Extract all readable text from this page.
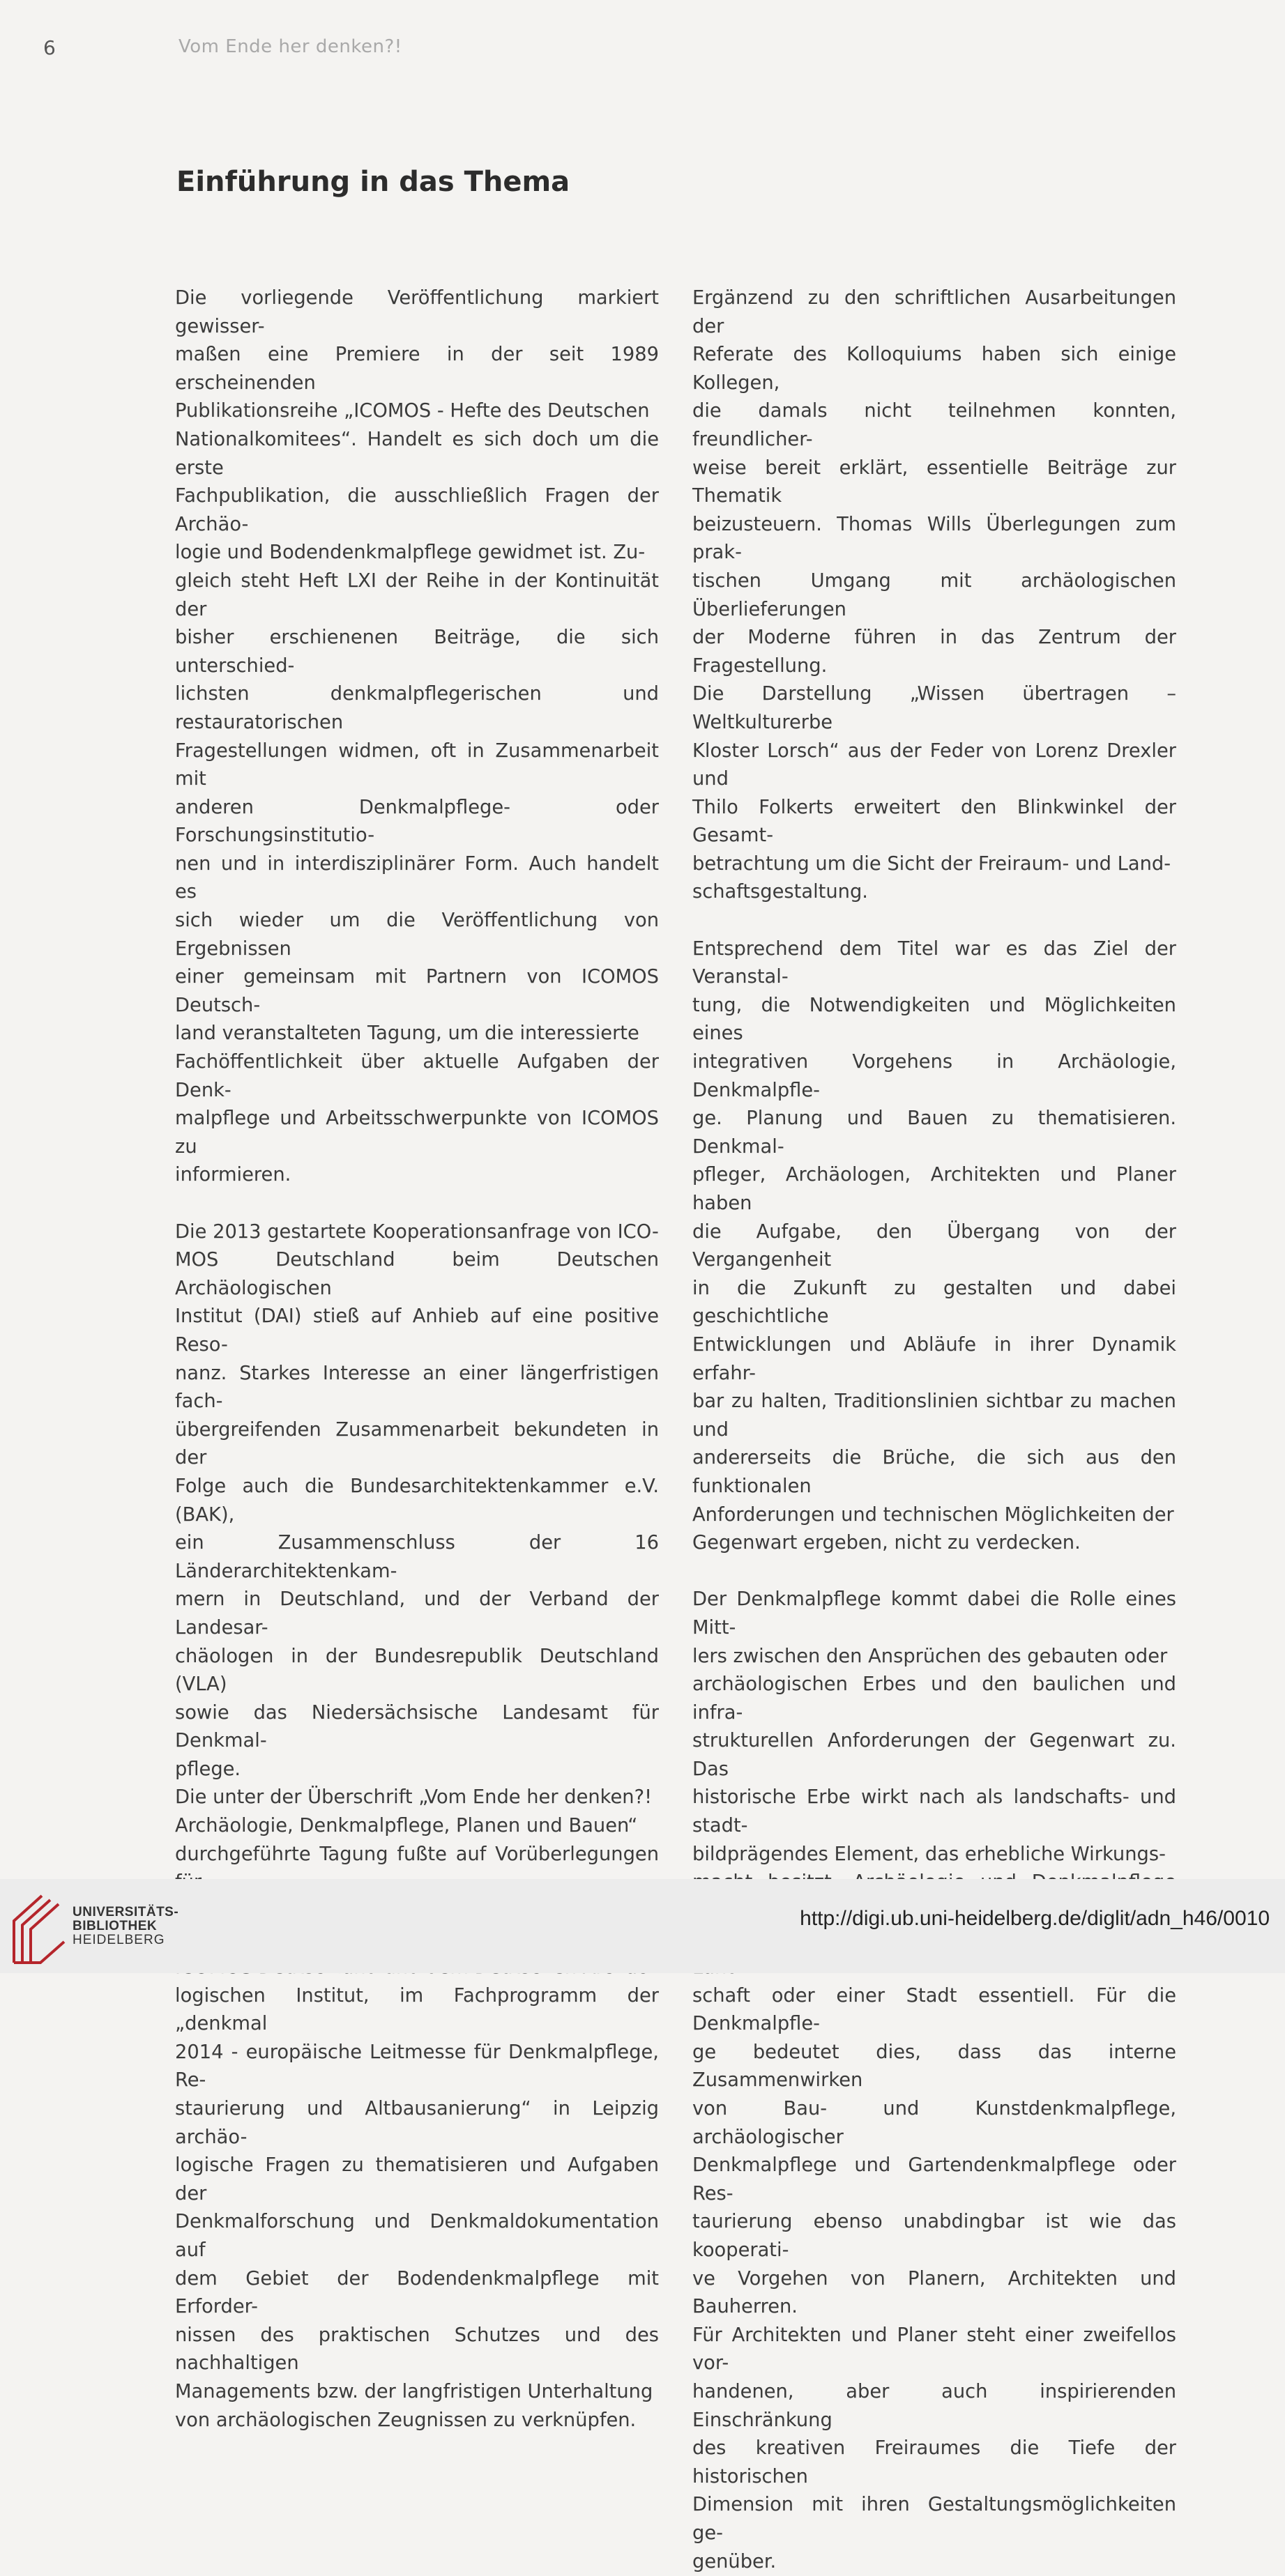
6	Vom Ende her denken?!
Einführung in das Thema

Die vorliegende Veröffentlichung markiert gewisser-
maßen eine Premiere in der seit 1989 erscheinenden
Publikationsreihe „ICOMOS - Hefte des Deutschen
Nationalkomitees“. Handelt es sich doch um die erste
Fachpublikation, die ausschließlich Fragen der Archäo-
logie und Bodendenkmalpflege gewidmet ist. Zu-
gleich steht Heft LXI der Reihe in der Kontinuität der
bisher erschienenen Beiträge, die sich unterschied-
lichsten denkmalpflegerischen und restauratorischen
Fragestellungen widmen, oft in Zusammenarbeit mit
anderen Denkmalpflege- oder Forschungsinstitutio-
nen und in interdisziplinärer Form. Auch handelt es
sich wieder um die Veröffentlichung von Ergebnissen
einer gemeinsam mit Partnern von ICOMOS Deutsch-
land veranstalteten Tagung, um die interessierte
Fachöffentlichkeit über aktuelle Aufgaben der Denk-
malpflege und Arbeitsschwerpunkte von ICOMOS zu
informieren.

Die 2013 gestartete Kooperationsanfrage von ICO-
MOS Deutschland beim Deutschen Archäologischen
Institut (DAI) stieß auf Anhieb auf eine positive Reso-
nanz. Starkes Interesse an einer längerfristigen fach-
übergreifenden Zusammenarbeit bekundeten in der
Folge auch die Bundesarchitektenkammer e.V. (BAK),
ein Zusammenschluss der 16 Länderarchitektenkam-
mern in Deutschland, und der Verband der Landesar-
chäologen in der Bundesrepublik Deutschland (VLA)
sowie das Niedersächsische Landesamt für Denkmal-
pflege.

Die unter der Überschrift „Vom Ende her denken?!
Archäologie, Denkmalpflege, Planen und Bauen“
durchgeführte Tagung fußte auf Vorüberlegungen

logischen Institut, im Fachprogramm der „denkmal
2014 - europäische Leitmesse für Denkmalpflege, Re-
staurierung und Altbausanierung“ in Leipzig archäo-
logische Fragen zu thematisieren und Aufgaben der
Denkmalforschung und Denkmaldokumentation auf
dem Gebiet der Bodendenkmalpflege mit Erforder-
nissen des praktischen Schutzes und des nachhaltigen
Managements bzw. der langfristigen Unterhaltung
von archäologischen Zeugnissen zu verknüpfen.

Ergänzend zu den schriftlichen Ausarbeitungen der
Referate des Kolloquiums haben sich einige Kollegen,
die damals nicht teilnehmen konnten, freundlicher-
weise bereit erklärt, essentielle Beiträge zur Thematik
beizusteuern. Thomas Wills Überlegungen zum prak-
tischen Umgang mit archäologischen Überlieferungen
der Moderne führen in das Zentrum der Fragestellung.
Die Darstellung „Wissen übertragen – Weltkulturerbe
Kloster Lorsch“ aus der Feder von Lorenz Drexler und
Thilo Folkerts erweitert den Blinkwinkel der Gesamt-
betrachtung um die Sicht der Freiraum- und Land-
schaftsgestaltung.

Entsprechend dem Titel war es das Ziel der Veranstal-
tung, die Notwendigkeiten und Möglichkeiten eines
integrativen Vorgehens in Archäologie, Denkmalpfle-
ge. Planung und Bauen zu thematisieren. Denkmal-
pfleger, Archäologen, Architekten und Planer haben
die Aufgabe, den Übergang von der Vergangenheit
in die Zukunft zu gestalten und dabei geschichtliche
Entwicklungen und Abläufe in ihrer Dynamik erfahr-
bar zu halten, Traditionslinien sichtbar zu machen und
andererseits die Brüche, die sich aus den funktionalen
Anforderungen und technischen Möglichkeiten der
Gegenwart ergeben, nicht zu verdecken.

Der Denkmalpflege kommt dabei die Rolle eines Mitt-
lers zwischen den Ansprüchen des gebauten oder
archäologischen Erbes und den baulichen und infra-
strukturellen Anforderungen der Gegenwart zu. Das
historische Erbe wirkt nach als landschafts- und stadt-
bildprägendes Element, das erhebliche Wirkungs-

schaft oder einer Stadt essentiell. Für die Denkmalpfle-
ge bedeutet dies, dass das interne Zusammenwirken
von Bau- und Kunstdenkmalpflege, archäologischer
Denkmalpflege und Gartendenkmalpflege oder Res-
taurierung ebenso unabdingbar ist wie das kooperati-
ve Vorgehen von Planern, Architekten und Bauherren.
Für Architekten und Planer steht einer zweifellos vor-
handenen, aber auch inspirierenden Einschränkung
des kreativen Freiraumes die Tiefe der historischen
Dimension mit ihren Gestaltungsmöglichkeiten ge-
genüber.

UNIVERSITÄTS-
BIBLIOTHEK
HEIDELBERG
http://digi.ub.uni-heidelberg.de/diglit/adn_h46/0010
